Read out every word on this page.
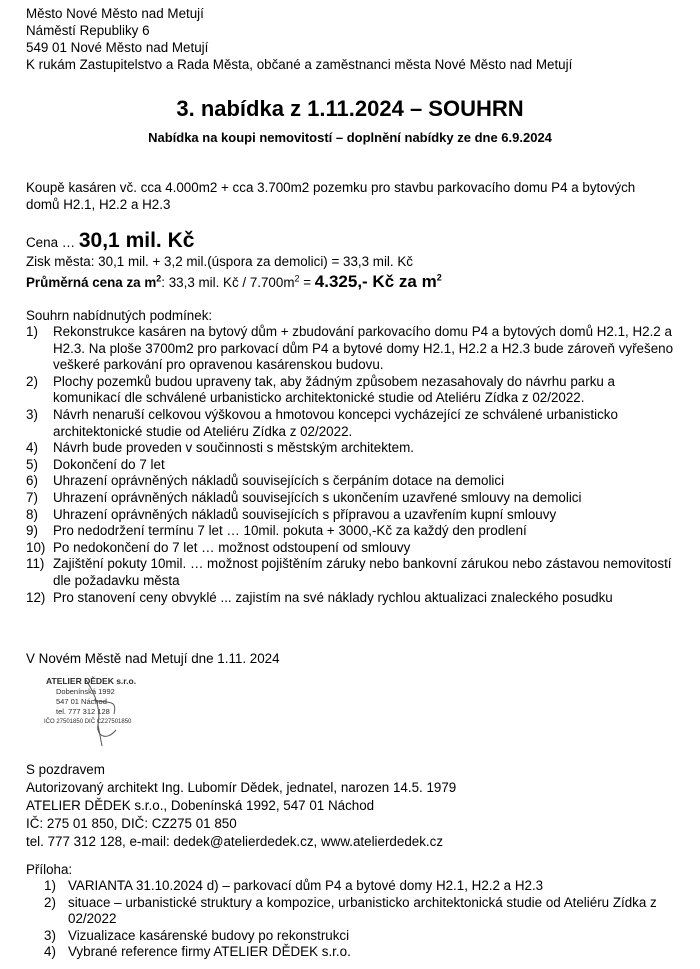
Město Nové Město nad Metují

Náměstí Republiky 6

549 01 Nové Město nad Metují

K rukám Zastupitelstvo a Rada Města, občané a zaměstnanci města Nové Město nad Metují

3. nabídka z 1.11.2024 – SOUHRN
Nabídka na koupi nemovitostí – doplnění nabídky ze dne 6.9.2024
Koupě kasáren vč. cca 4.000m2 + cca 3.700m2 pozemku pro stavbu parkovacího domu P4 a bytových domů H2.1, H2.2 a H2.3
Cena … 30,1 mil. Kč
Zisk města: 30,1 mil. + 3,2 mil.(úspora za demolici) = 33,3 mil. Kč
Průměrná cena za $m^2$: 33,3 mil. Kč / $7.700m^2 = 4.325,-$ Kč za $m^2$
Souhrn nabídnutých podmínek:
1)	Rekonstrukce kasáren na bytový dům + zbudování parkovacího domu P4 a bytových domů H2.1, H2.2 a H2.3. Na ploše 3700m2 pro parkovací dům P4 a bytové domy H2.1, H2.2 a H2.3 bude zároveň vyřešeno veškeré parkování pro opravenou kasárenskou budovu.
2)	Plochy pozemků budou upraveny tak, aby žádným způsobem nezasahovaly do návrhu parku a komunikací dle schválené urbanisticko architektonické studie od Ateliéru Zídka z 02/2022.
3)	Návrh nenaruší celkovou výškovou a hmotovou koncepci vycházející ze schválené urbanisticko architektonické studie od Ateliéru Zídka z 02/2022.
4)	Návrh bude proveden v součinnosti s městským architektem.
5)	Dokončení do 7 let
6)	Uhrazení oprávněných nákladů souvisejících s čerpáním dotace na demolici
7)	Uhrazení oprávněných nákladů souvisejících s ukončením uzavřené smlouvy na demolici
8)	Uhrazení oprávněných nákladů souvisejících s přípravou a uzavřením kupní smlouvy
9)	Pro nedodržení termínu 7 let … 10mil. pokuta + 3000,-Kč za každý den prodlení
10) Po nedokončení do 7 let … možnost odstoupení od smlouvy
11) Zajištění pokuty 10mil. … možnost pojištěním záruky nebo bankovní zárukou nebo zástavou nemovitostí dle požadavku města
12) Pro stanovení ceny obvyklé ... zajistím na své náklady rychlou aktualizaci znaleckého posudku
V Novém Městě nad Metují dne 1.11. 2024
ATELIER DĚDEK s.r.o.
Dobenínská 1992
547 01 Náchod
tel. 777 312 128
IČO 27501850 DIČ CZ27501850

S pozdravem

Autorizovaný architekt Ing. Lubomír Dědek, jednatel, narozen 14.5. 1979

ATELIER DĚDEK s.r.o., Dobenínská 1992, 547 01 Náchod

IČ: 275 01 850, DIČ: CZ275 01 850

tel. 777 312 128, e-mail: dedek@atelierdedek.cz, www.atelierdedek.cz

Příloha:
1) VARIANTA 31.10.2024 d) – parkovací dům P4 a bytové domy H2.1, H2.2 a H2.3
2) situace – urbanistické struktury a kompozice, urbanisticko architektonická studie od Ateliéru Zídka z 02/2022
3) Vizualizace kasárenské budovy po rekonstrukci
4) Vybrané reference firmy ATELIER DĚDEK s.r.o.
